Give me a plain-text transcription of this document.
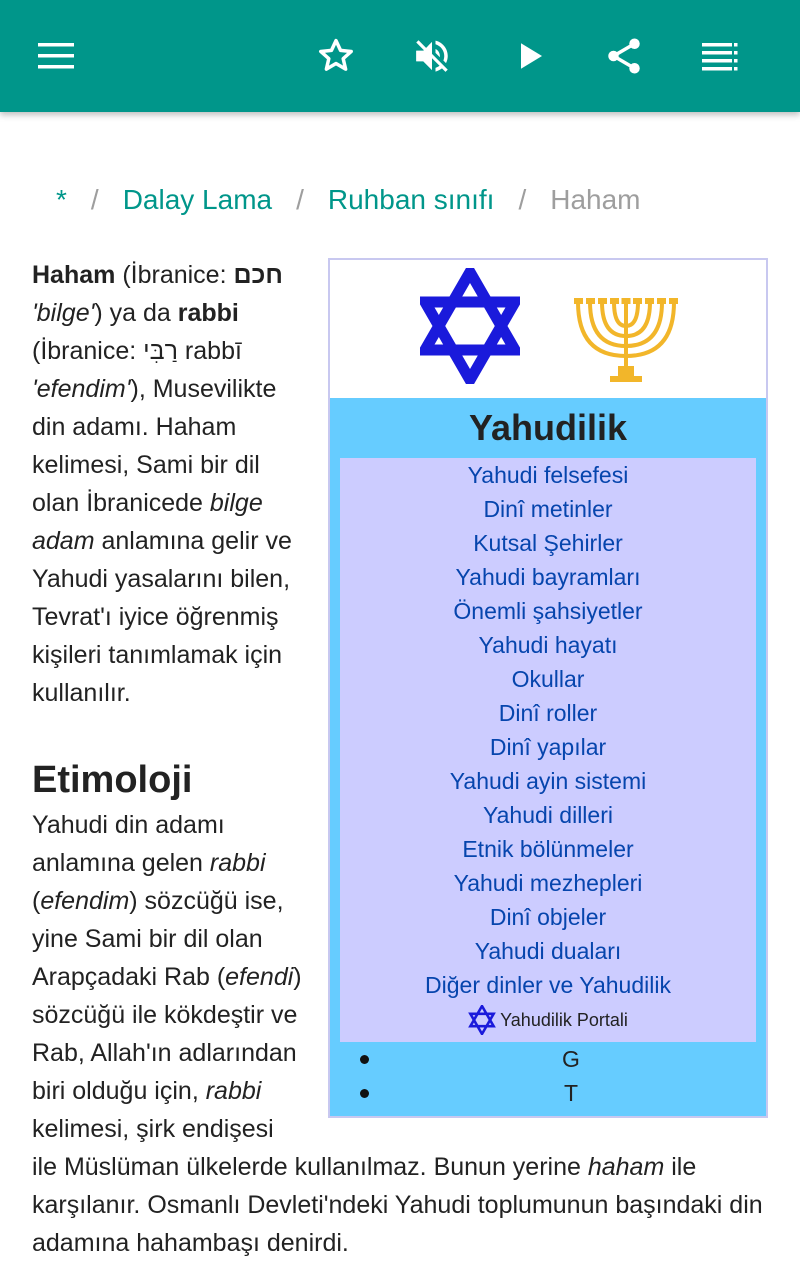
* / Dalay Lama / Ruhban sınıfı / Haham
Yahudilik
Yahudi felsefesi
Dinî metinler
Kutsal Şehirler
Yahudi bayramları
Önemli şahsiyetler
Yahudi hayatı
Okullar
Dinî roller
Dinî yapılar
Yahudi ayin sistemi
Yahudi dilleri
Etnik bölünmeler
Yahudi mezhepleri
Dinî objeler
Yahudi duaları
Diğer dinler ve Yahudilik
Yahudilik Portali
G
T

Haham (İbranice: חכם 'bilge') ya da rabbi (İbranice: רַבִּי rabbī 'efendim'), Musevilikte din adamı. Haham kelimesi, Sami bir dil olan İbranicede bilge adam anlamına gelir ve Yahudi yasalarını bilen, Tevrat'ı iyice öğrenmiş kişileri tanımlamak için kullanılır.

Etimoloji

Yahudi din adamı anlamına gelen rabbi (efendim) sözcüğü ise, yine Sami bir dil olan Arapçadaki Rab (efendi) sözcüğü ile kökdeştir ve Rab, Allah'ın adlarından biri olduğu için, rabbi kelimesi, şirk endişesi ile Müslüman ülkelerde kullanılmaz. Bunun yerine haham ile karşılanır. Osmanlı Devleti'ndeki Yahudi toplumunun başındaki din adamına hahambaşı denirdi.
